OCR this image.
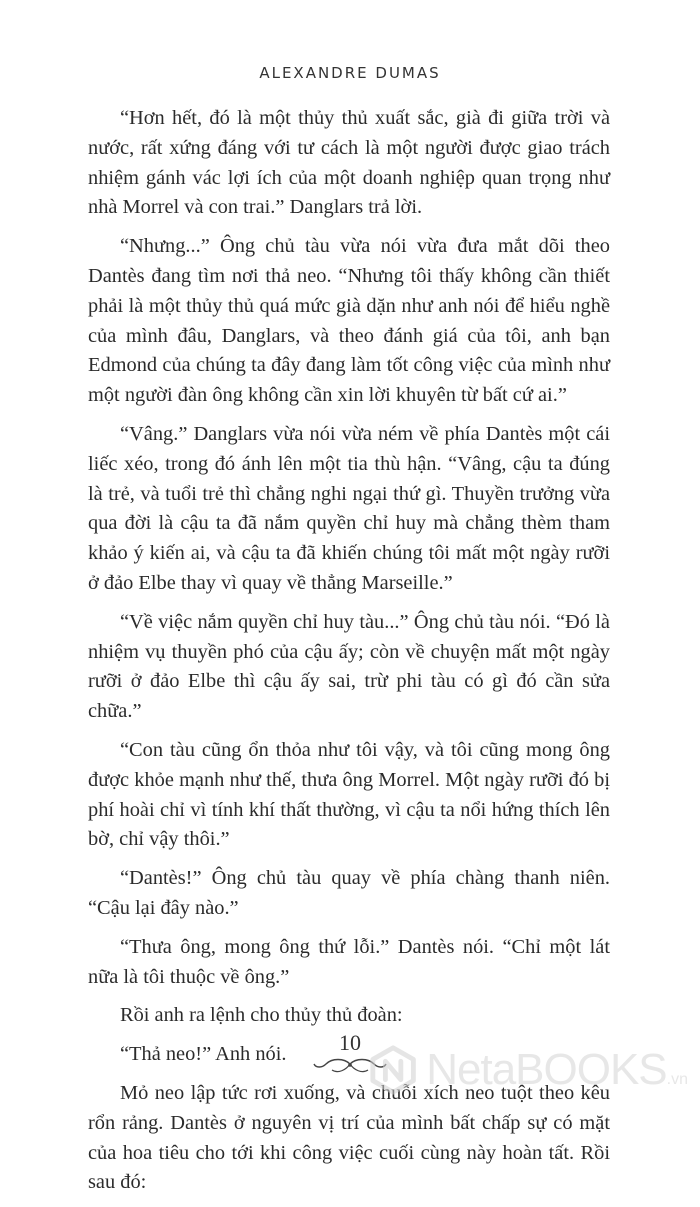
ALEXANDRE DUMAS

“Hơn hết, đó là một thủy thủ xuất sắc, già đi giữa trời và nước, rất xứng đáng với tư cách là một người được giao trách nhiệm gánh vác lợi ích của một doanh nghiệp quan trọng như nhà Morrel và con trai.” Danglars trả lời.

“Nhưng...” Ông chủ tàu vừa nói vừa đưa mắt dõi theo Dantès đang tìm nơi thả neo. “Nhưng tôi thấy không cần thiết phải là một thủy thủ quá mức già dặn như anh nói để hiểu nghề của mình đâu, Danglars, và theo đánh giá của tôi, anh bạn Edmond của chúng ta đây đang làm tốt công việc của mình như một người đàn ông không cần xin lời khuyên từ bất cứ ai.”

“Vâng.” Danglars vừa nói vừa ném về phía Dantès một cái liếc xéo, trong đó ánh lên một tia thù hận. “Vâng, cậu ta đúng là trẻ, và tuổi trẻ thì chẳng nghi ngại thứ gì. Thuyền trưởng vừa qua đời là cậu ta đã nắm quyền chỉ huy mà chẳng thèm tham khảo ý kiến ai, và cậu ta đã khiến chúng tôi mất một ngày rưỡi ở đảo Elbe thay vì quay về thẳng Marseille.”

“Về việc nắm quyền chỉ huy tàu...” Ông chủ tàu nói. “Đó là nhiệm vụ thuyền phó của cậu ấy; còn về chuyện mất một ngày rưỡi ở đảo Elbe thì cậu ấy sai, trừ phi tàu có gì đó cần sửa chữa.”

“Con tàu cũng ổn thỏa như tôi vậy, và tôi cũng mong ông được khỏe mạnh như thế, thưa ông Morrel. Một ngày rưỡi đó bị phí hoài chỉ vì tính khí thất thường, vì cậu ta nổi hứng thích lên bờ, chỉ vậy thôi.”

“Dantès!” Ông chủ tàu quay về phía chàng thanh niên. “Cậu lại đây nào.”

“Thưa ông, mong ông thứ lỗi.” Dantès nói. “Chỉ một lát nữa là tôi thuộc về ông.”

Rồi anh ra lệnh cho thủy thủ đoàn:

“Thả neo!” Anh nói.

Mỏ neo lập tức rơi xuống, và chuỗi xích neo tuột theo kêu rổn rảng. Dantès ở nguyên vị trí của mình bất chấp sự có mặt của hoa tiêu cho tới khi công việc cuối cùng này hoàn tất. Rồi sau đó:

10
NetaBOOKS.vn
